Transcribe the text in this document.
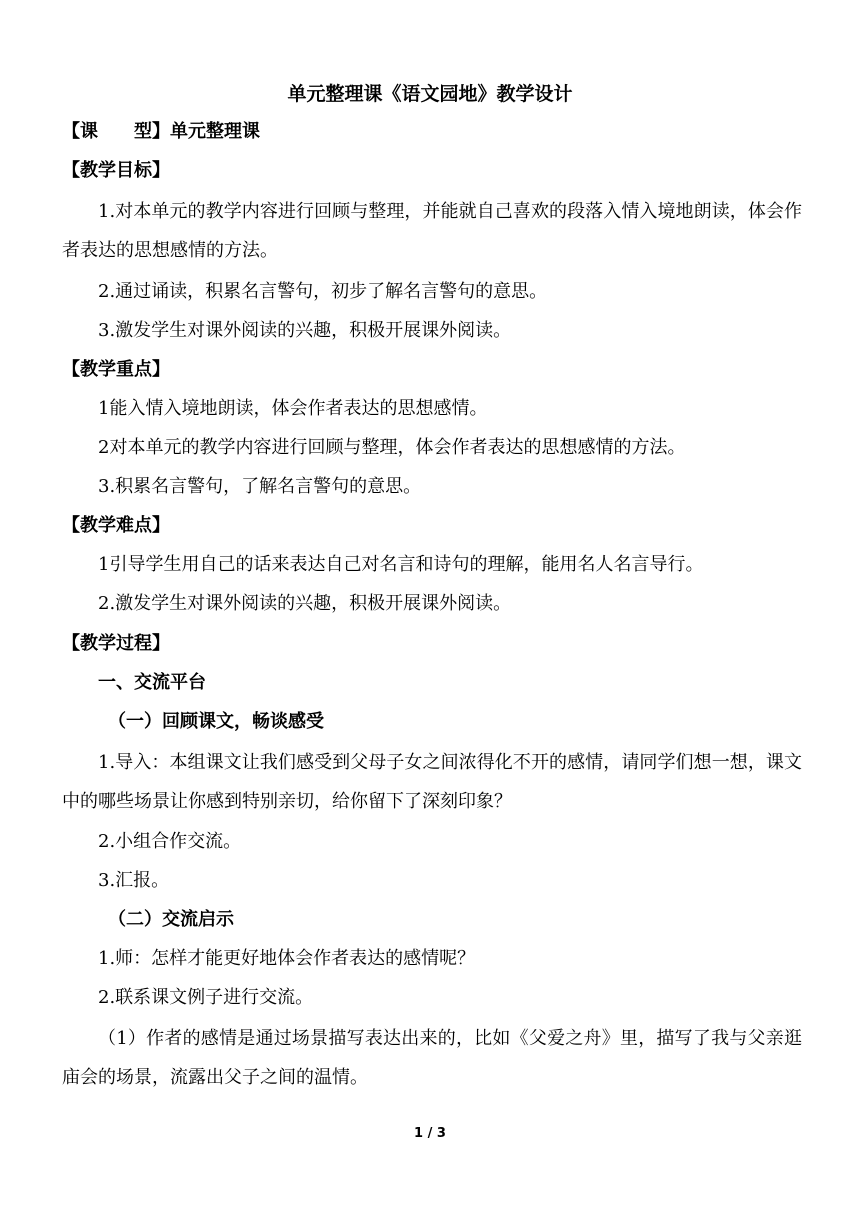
单元整理课《语文园地》教学设计
【课　　型】单元整理课
【教学目标】
1.对本单元的教学内容进行回顾与整理，并能就自己喜欢的段落入情入境地朗读，体会作者表达的思想感情的方法。
2.通过诵读，积累名言警句，初步了解名言警句的意思。
3.激发学生对课外阅读的兴趣，积极开展课外阅读。
【教学重点】
1能入情入境地朗读，体会作者表达的思想感情。
2对本单元的教学内容进行回顾与整理，体会作者表达的思想感情的方法。
3.积累名言警句，了解名言警句的意思。
【教学难点】
1引导学生用自己的话来表达自己对名言和诗句的理解，能用名人名言导行。
2.激发学生对课外阅读的兴趣，积极开展课外阅读。
【教学过程】
一、交流平台
（一）回顾课文，畅谈感受
1.导入：本组课文让我们感受到父母子女之间浓得化不开的感情，请同学们想一想，课文中的哪些场景让你感到特别亲切，给你留下了深刻印象？
2.小组合作交流。
3.汇报。
（二）交流启示
1.师：怎样才能更好地体会作者表达的感情呢？
2.联系课文例子进行交流。
（1）作者的感情是通过场景描写表达出来的，比如《父爱之舟》里，描写了我与父亲逛庙会的场景，流露出父子之间的温情。
1 / 3
